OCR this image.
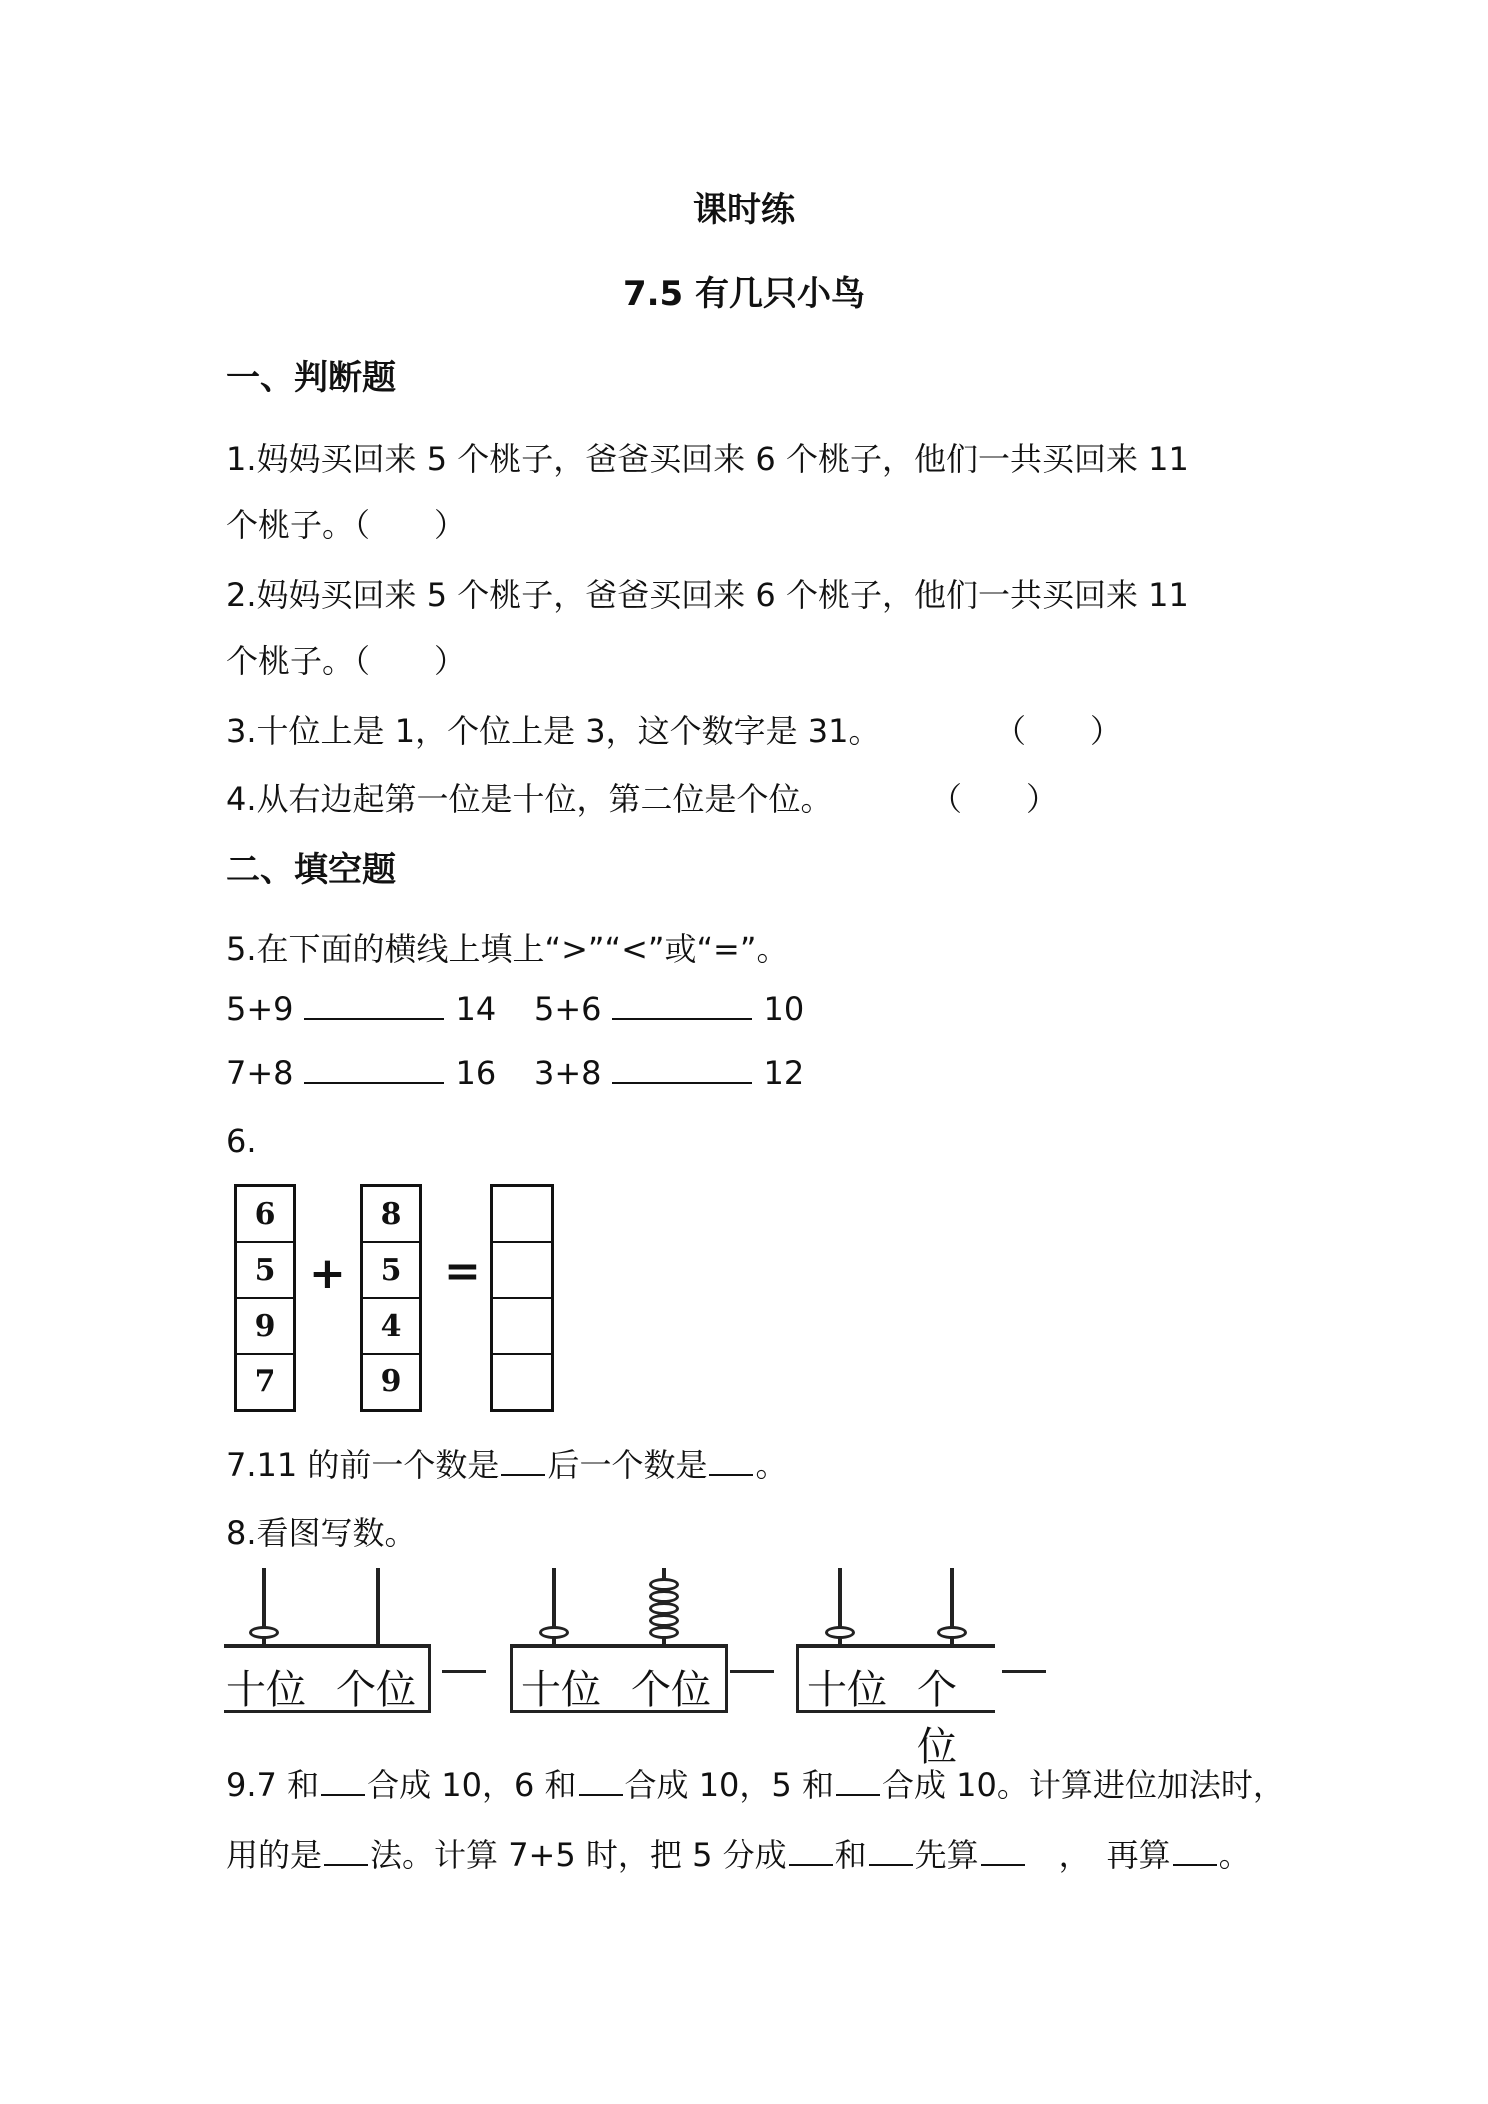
课时练
7.5 有几只小鸟
一、判断题
1.妈妈买回来 5 个桃子，爸爸买回来 6 个桃子，他们一共买回来 11
个桃子。（　　）
2.妈妈买回来 5 个桃子，爸爸买回来 6 个桃子，他们一共买回来 11
个桃子。（　　）
3.十位上是 1，个位上是 3，这个数字是 31。	（　　）
4.从右边起第一位是十位，第二位是个位。	（　　）
二、填空题
5.在下面的横线上填上“>”“<”或“=”。
5+9	14 5+6	10
7+8	16 3+8	12
6.
6
5
9
7
+
8
5
4
9
=
7.11 的前一个数是 后一个数是 。
8.看图写数。
十位 个位	十位 个位 十位 个位
9.7 和 合成 10，6 和 合成 10，5 和 合成 10。计算进位加法时，
用的是 法。计算 7+5 时，把 5 分成 和 先算　，　再算 。
